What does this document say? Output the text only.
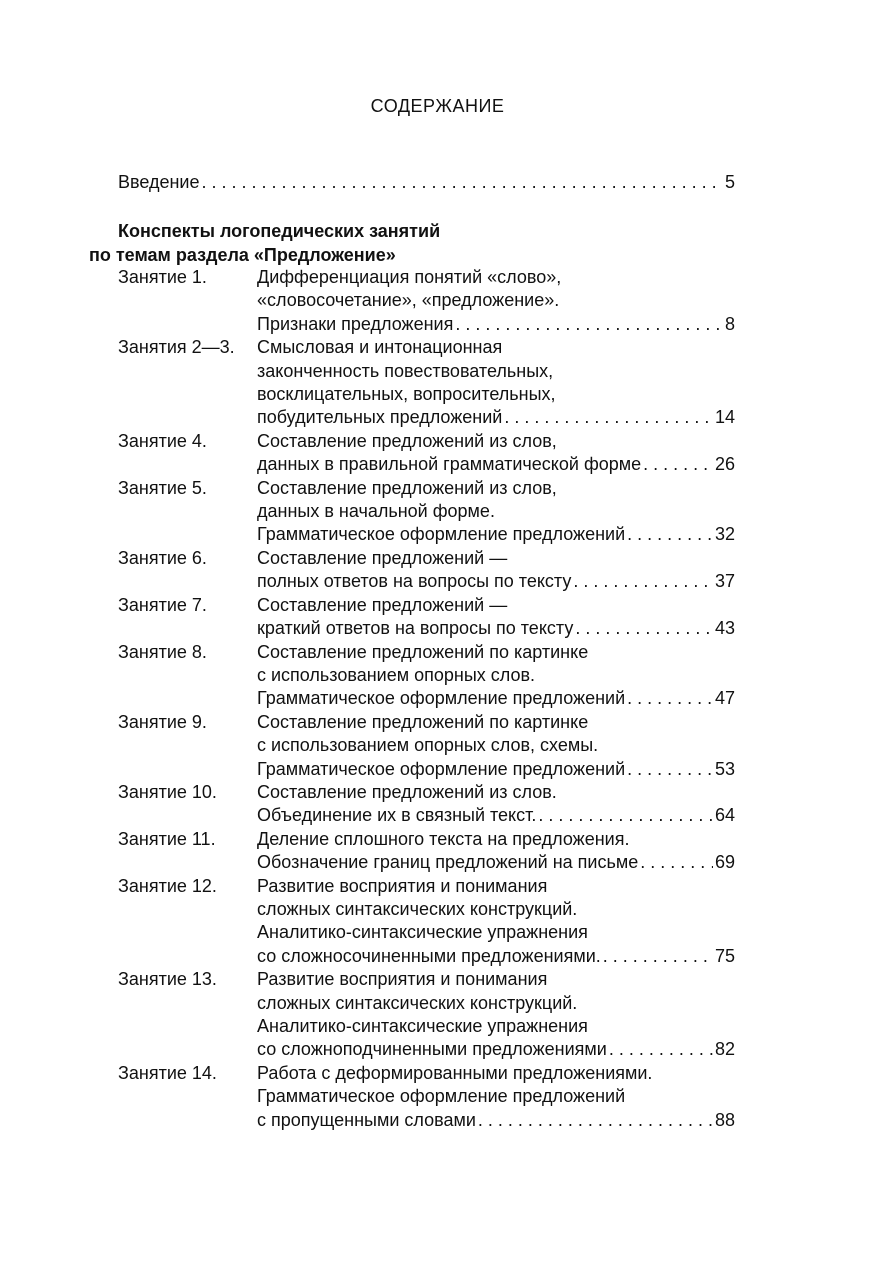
СОДЕРЖАНИЕ
Введение . . .	5
Конспекты логопедических занятий
по темам раздела «Предложение»
Занятие 1.	Дифференциация понятий «слово»,
«словосочетание», «предложение».
Признаки предложения . . .	8
Занятия 2—3.	Смысловая и интонационная
законченность повествовательных,
восклицательных, вопросительных,
побудительных предложений . . .	14
Занятие 4.	Составление предложений из слов,
данных в правильной грамматической форме . . .	26
Занятие 5.	Составление предложений из слов,
данных в начальной форме.
Грамматическое оформление предложений . . .	32
Занятие 6.	Составление предложений —
полных ответов на вопросы по тексту . . .	37
Занятие 7.	Составление предложений —
краткий ответов на вопросы по тексту . . .	43
Занятие 8.	Составление предложений по картинке
с использованием опорных слов.
Грамматическое оформление предложений . . .	47
Занятие 9.	Составление предложений по картинке
с использованием опорных слов, схемы.
Грамматическое оформление предложений . . .	53
Занятие 10.	Составление предложений из слов.
Объединение их в связный текст. . . .	64
Занятие 11.	Деление сплошного текста на предложения.
Обозначение границ предложений на письме . . .	69
Занятие 12.	Развитие восприятия и понимания
сложных синтаксических конструкций.
Аналитико-синтаксические упражнения
со сложносочиненными предложениями. . . .	75
Занятие 13.	Развитие восприятия и понимания
сложных синтаксических конструкций.
Аналитико-синтаксические упражнения
со сложноподчиненными предложениями . . .	82
Занятие 14.	Работа с деформированными предложениями.
Грамматическое оформление предложений
с пропущенными словами . . .	88
